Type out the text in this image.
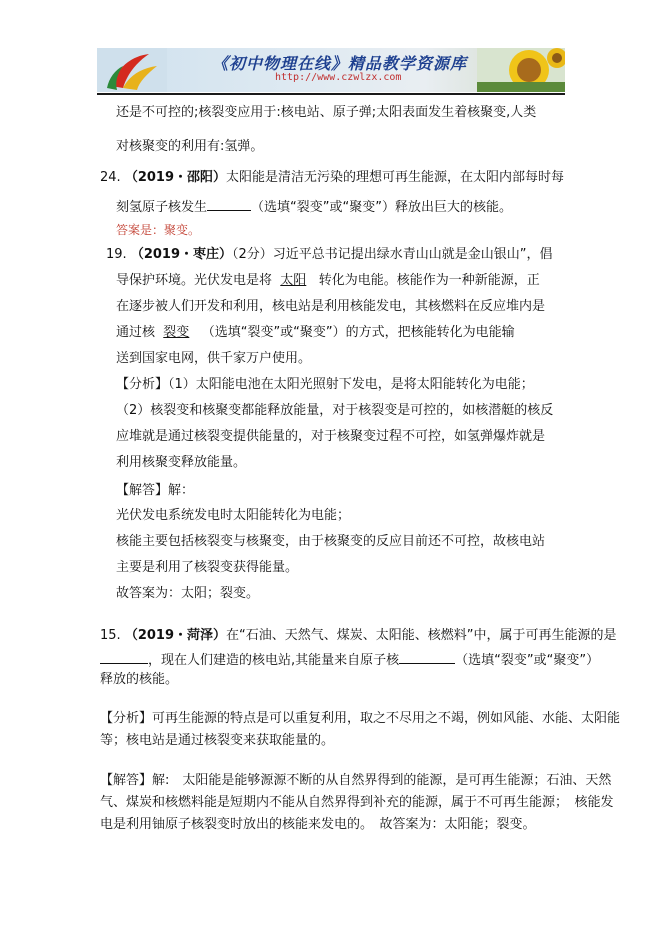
《初中物理在线》精品教学资源库
http://www.czwlzx.com
还是不可控的;核裂变应用于:核电站、原子弹;太阳表面发生着核聚变,人类
对核聚变的利用有:氢弹。
24. （2019・邵阳）太阳能是清洁无污染的理想可再生能源，在太阳内部每时每
刻氢原子核发生	（选填“裂变”或“聚变”）释放出巨大的核能。
答案是：聚变。
19. （2019・枣庄）（2分）习近平总书记提出绿水青山山就是金山银山”，倡
导保护环境。光伏发电是将 太阳 转化为电能。核能作为一种新能源，正
在逐步被人们开发和利用，核电站是利用核能发电，其核燃料在反应堆内是
通过核 裂变 （选填“裂变”或“聚变”）的方式，把核能转化为电能输
送到国家电网，供千家万户使用。
【分析】（1）太阳能电池在太阳光照射下发电，是将太阳能转化为电能；
（2）核裂变和核聚变都能释放能量，对于核裂变是可控的，如核潜艇的核反
应堆就是通过核裂变提供能量的，对于核聚变过程不可控，如氢弹爆炸就是
利用核聚变释放能量。
【解答】解：
光伏发电系统发电时太阳能转化为电能；
核能主要包括核裂变与核聚变，由于核聚变的反应目前还不可控，故核电站
主要是利用了核裂变获得能量。
故答案为：太阳；裂变。
15. （2019・菏泽）在“石油、天然气、煤炭、太阳能、核燃料”中，属于可再生能源的是
，现在人们建造的核电站,其能量来自原子核	（选填“裂变”或“聚变”）
释放的核能。
【分析】可再生能源的特点是可以重复利用，取之不尽用之不竭，例如风能、水能、太阳能
等；核电站是通过核裂变来获取能量的。
【解答】解:　太阳能是能够源源不断的从自然界得到的能源，是可再生能源；石油、天然
气、煤炭和核燃料能是短期内不能从自然界得到补充的能源，属于不可再生能源；　核能发
电是利用铀原子核裂变时放出的核能来发电的。　故答案为：太阳能；裂变。
